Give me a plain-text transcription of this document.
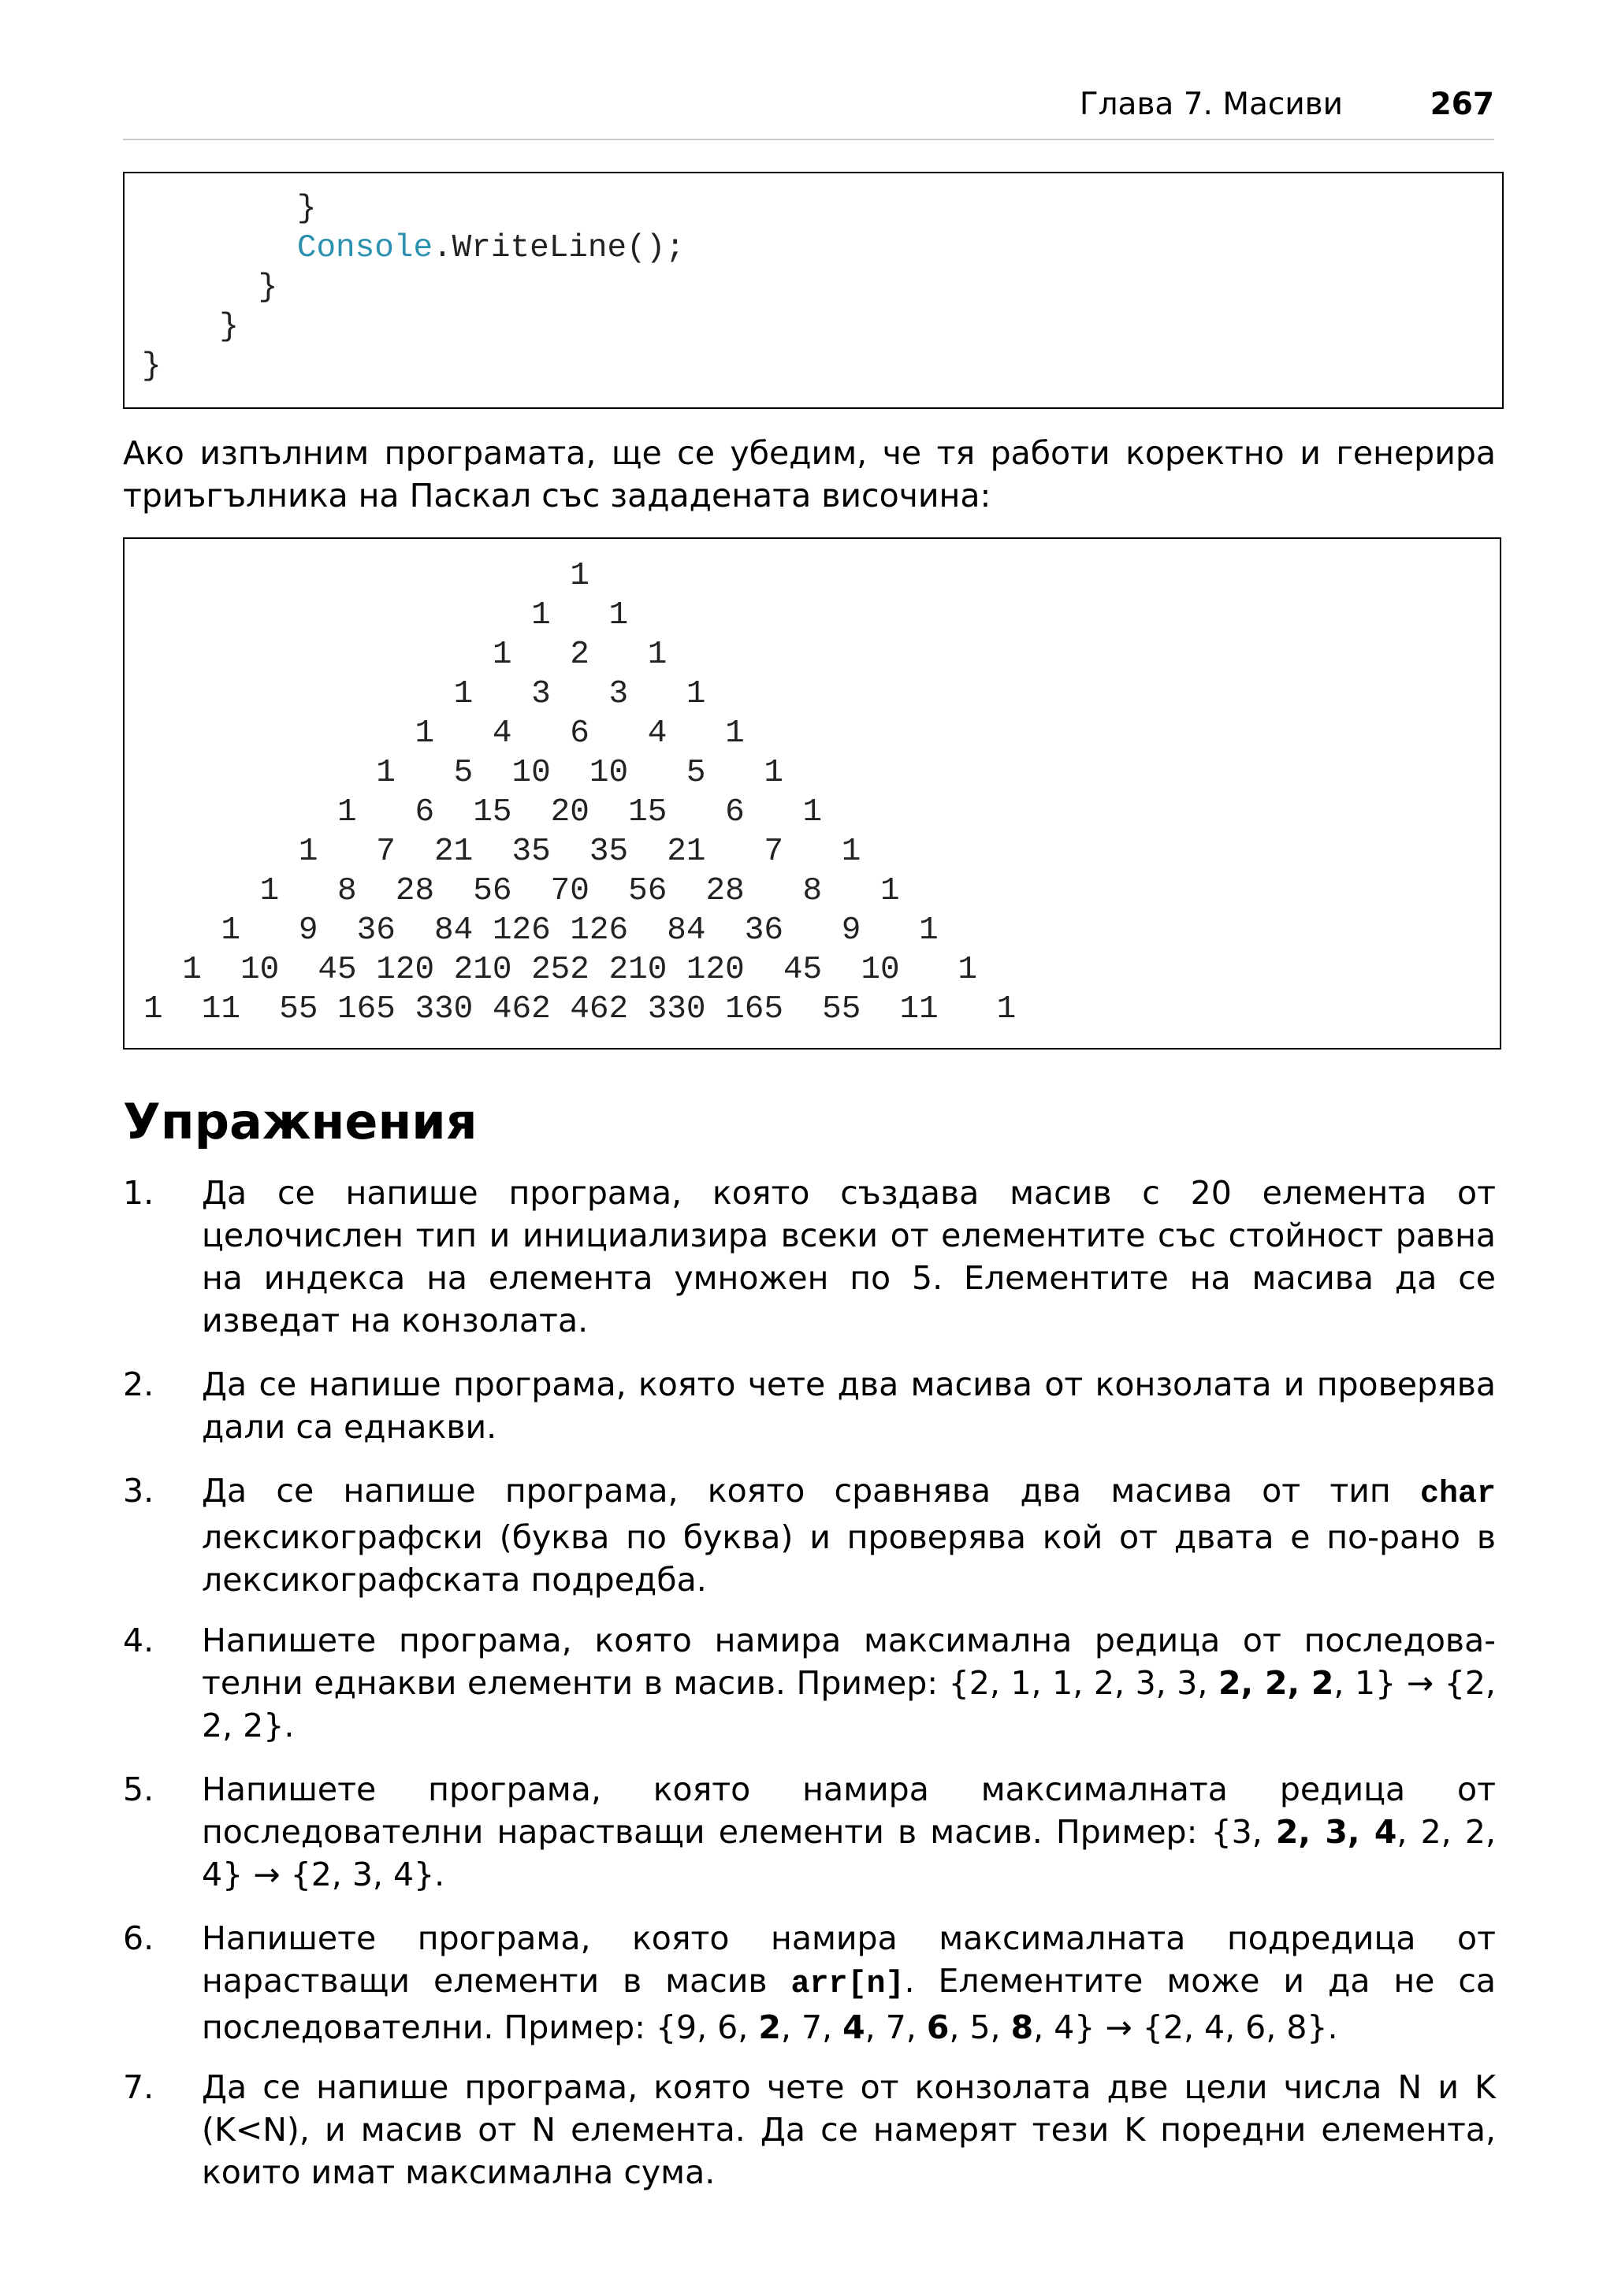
Глава 7. Масиви	267
}
Console.WriteLine();
}
}
}

Ако изпълним програмата, ще се убедим, че тя работи коректно и генерира триъгълника на Паскал със зададената височина:

1
1   1
1   2   1
1   3   3   1
1   4   6   4   1
1   5  10  10   5   1
1   6  15  20  15   6   1
1   7  21  35  35  21   7   1
1   8  28  56  70  56  28   8   1
1   9  36  84 126 126  84  36   9   1
1  10  45 120 210 252 210 120  45  10   1
1  11  55 165 330 462 462 330 165  55  11   1
Упражнения
1. Да се напише програма, която създава масив с 20 елемента от целочислен тип и инициализира всеки от елементите със стойност равна на индекса на елемента умножен по 5. Елементите на масива да се изведат на конзолата.
2. Да се напише програма, която чете два масива от конзолата и проверява дали са еднакви.
3. Да се напише програма, която сравнява два масива от тип char лексикографски (буква по буква) и проверява кой от двата е по-рано в лексикографската подредба.
4. Напишете програма, която намира максимална редица от последователни еднакви елементи в масив. Пример: {2, 1, 1, 2, 3, 3, 2, 2, 2, 1} → {2, 2, 2}.
5. Напишете програма, която намира максималната редица от последователни нарастващи елементи в масив. Пример: {3, 2, 3, 4, 2, 2, 4} → {2, 3, 4}.
6. Напишете програма, която намира максималната подредица от нарастващи елементи в масив arr[n]. Елементите може и да не са последователни. Пример: {9, 6, 2, 7, 4, 7, 6, 5, 8, 4} → {2, 4, 6, 8}.
7. Да се напише програма, която чете от конзолата две цели числа N и K (K<N), и масив от N елемента. Да се намерят тези K поредни елемента, които имат максимална сума.
